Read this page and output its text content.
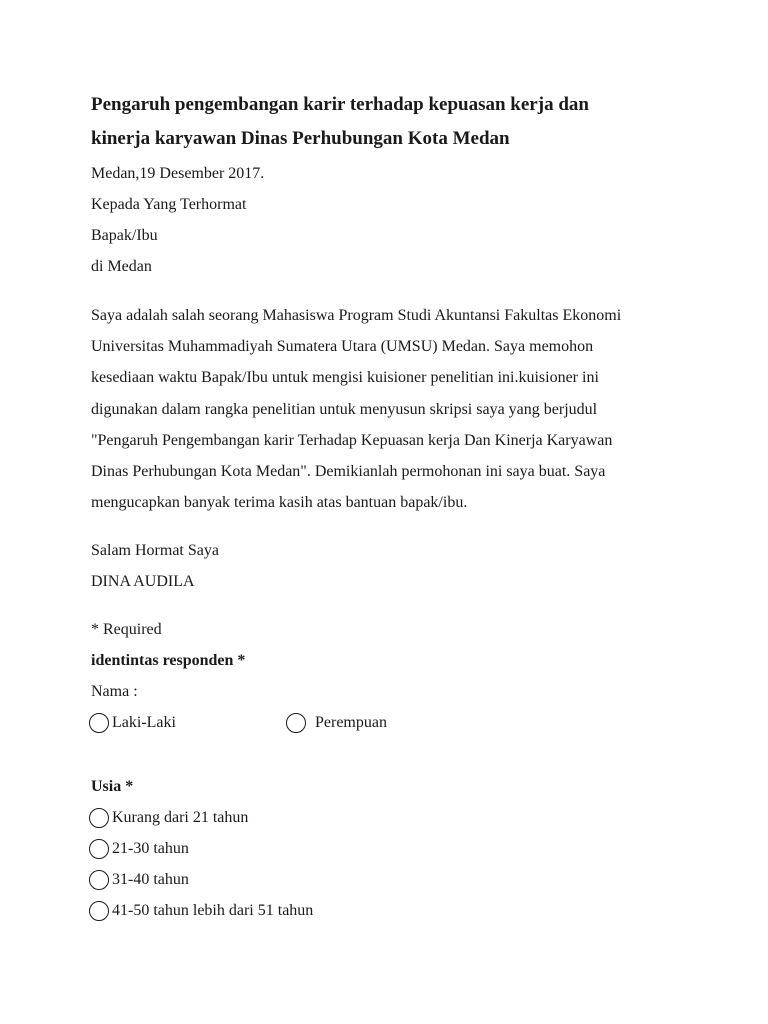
Pengaruh pengembangan karir terhadap kepuasan kerja dan

kinerja karyawan Dinas Perhubungan Kota Medan

Medan,19 Desember 2017.

Kepada Yang Terhormat

Bapak/Ibu

di Medan

Saya adalah salah seorang Mahasiswa Program Studi Akuntansi Fakultas Ekonomi

Universitas Muhammadiyah Sumatera Utara (UMSU) Medan. Saya memohon

kesediaan waktu Bapak/Ibu untuk mengisi kuisioner penelitian ini.kuisioner ini

digunakan dalam rangka penelitian untuk menyusun skripsi saya yang berjudul

"Pengaruh Pengembangan karir Terhadap Kepuasan kerja Dan Kinerja Karyawan

Dinas Perhubungan Kota Medan". Demikianlah permohonan ini saya buat. Saya

mengucapkan banyak terima kasih atas bantuan bapak/ibu.

Salam Hormat Saya

DINA AUDILA

* Required

identintas responden *

Nama :

Laki-Laki	Perempuan

Usia *

Kurang dari 21 tahun
21-30 tahun
31-40 tahun
41-50 tahun lebih dari 51 tahun
